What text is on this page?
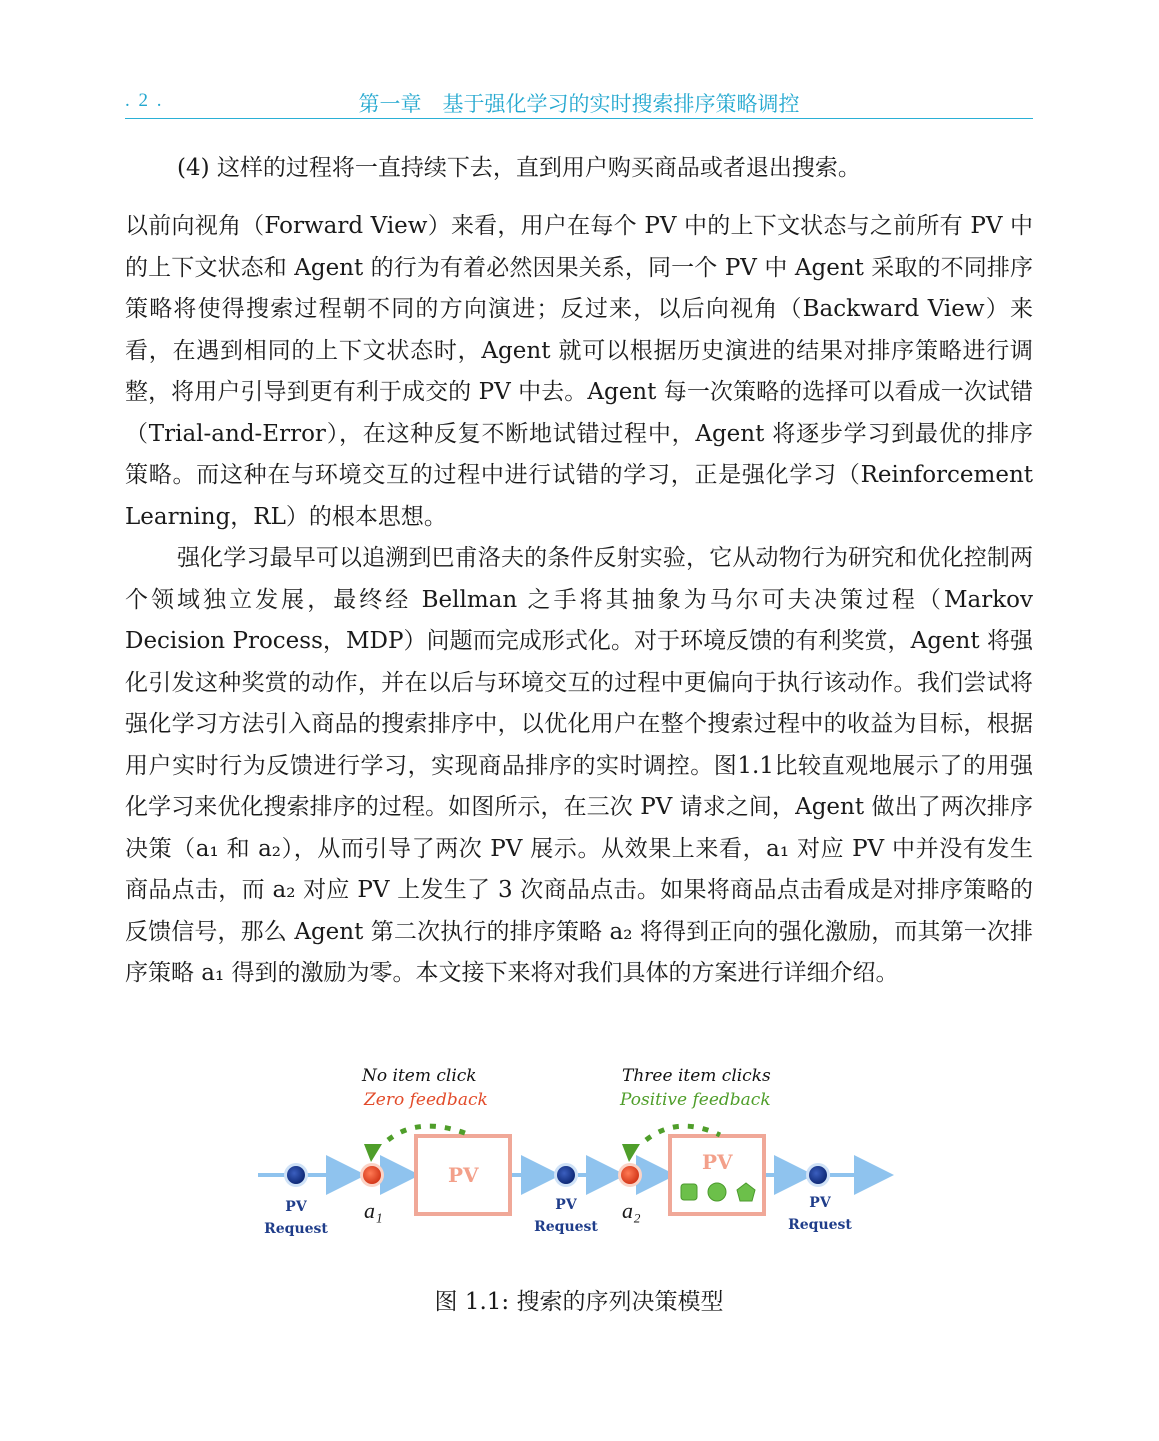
. 2 .	第一章　基于强化学习的实时搜索排序策略调控

(4) 这样的过程将一直持续下去，直到用户购买商品或者退出搜索。

以前向视角（Forward View）来看，用户在每个 PV 中的上下文状态与之前所有 PV 中的上下文状态和 Agent 的行为有着必然因果关系，同一个 PV 中 Agent 采取的不同排序策略将使得搜索过程朝不同的方向演进；反过来，以后向视角（Backward View）来看，在遇到相同的上下文状态时，Agent 就可以根据历史演进的结果对排序策略进行调整，将用户引导到更有利于成交的 PV 中去。Agent 每一次策略的选择可以看成一次试错（Trial-and-Error），在这种反复不断地试错过程中，Agent 将逐步学习到最优的排序策略。而这种在与环境交互的过程中进行试错的学习，正是强化学习（Reinforcement Learning，RL）的根本思想。

强化学习最早可以追溯到巴甫洛夫的条件反射实验，它从动物行为研究和优化控制两个领域独立发展，最终经 Bellman 之手将其抽象为马尔可夫决策过程（Markov Decision Process，MDP）问题而完成形式化。对于环境反馈的有利奖赏，Agent 将强化引发这种奖赏的动作，并在以后与环境交互的过程中更偏向于执行该动作。我们尝试将强化学习方法引入商品的搜索排序中，以优化用户在整个搜索过程中的收益为目标，根据用户实时行为反馈进行学习，实现商品排序的实时调控。图1.1比较直观地展示了的用强化学习来优化搜索排序的过程。如图所示，在三次 PV 请求之间，Agent 做出了两次排序决策（a₁ 和 a₂），从而引导了两次 PV 展示。从效果上来看，a₁ 对应 PV 中并没有发生商品点击，而 a₂ 对应 PV 上发生了 3 次商品点击。如果将商品点击看成是对排序策略的反馈信号，那么 Agent 第二次执行的排序策略 a₂ 将得到正向的强化激励，而其第一次排序策略 a₁ 得到的激励为零。本文接下来将对我们具体的方案进行详细介绍。

No item click
Zero feedback
Three item clicks
Positive feedback
PV
PV
PV
Request
PV
Request
PV
Request
a₁	a₂
图 1.1: 搜索的序列决策模型
